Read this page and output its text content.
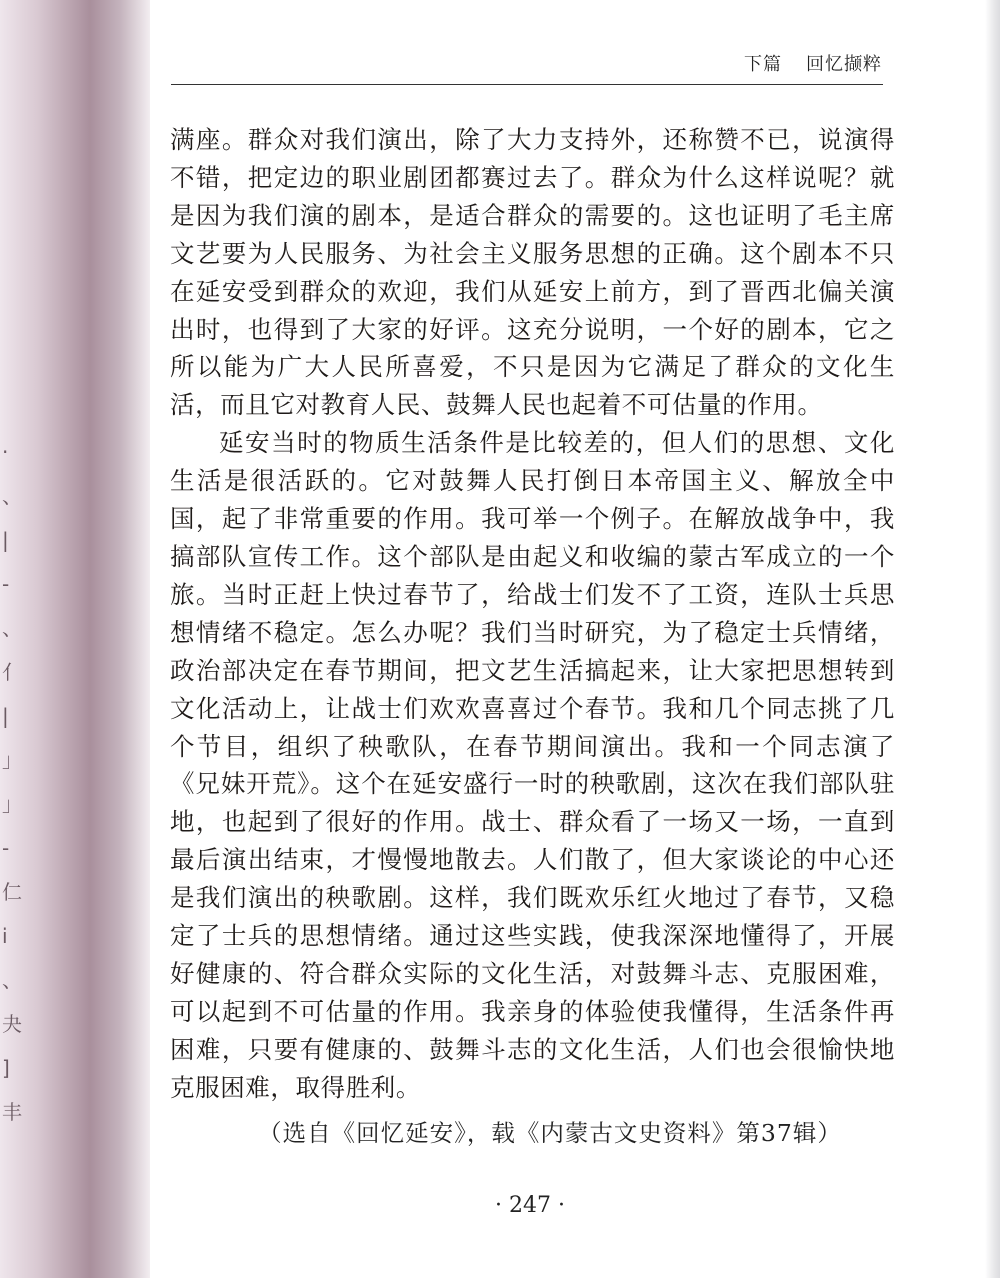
·
、
|
-
、
亻
|
」
」
-
仁
i
、
夬
]
丰
下篇 回忆撷粹

满座。群众对我们演出，除了大力支持外，还称赞不已，说演得不错，把定边的职业剧团都赛过去了。群众为什么这样说呢？就是因为我们演的剧本，是适合群众的需要的。这也证明了毛主席文艺要为人民服务、为社会主义服务思想的正确。这个剧本不只在延安受到群众的欢迎，我们从延安上前方，到了晋西北偏关演出时，也得到了大家的好评。这充分说明，一个好的剧本，它之所以能为广大人民所喜爱，不只是因为它满足了群众的文化生活，而且它对教育人民、鼓舞人民也起着不可估量的作用。

延安当时的物质生活条件是比较差的，但人们的思想、文化生活是很活跃的。它对鼓舞人民打倒日本帝国主义、解放全中国，起了非常重要的作用。我可举一个例子。在解放战争中，我搞部队宣传工作。这个部队是由起义和收编的蒙古军成立的一个旅。当时正赶上快过春节了，给战士们发不了工资，连队士兵思想情绪不稳定。怎么办呢？我们当时研究，为了稳定士兵情绪，政治部决定在春节期间，把文艺生活搞起来，让大家把思想转到文化活动上，让战士们欢欢喜喜过个春节。我和几个同志挑了几个节目，组织了秧歌队，在春节期间演出。我和一个同志演了《兄妹开荒》。这个在延安盛行一时的秧歌剧，这次在我们部队驻地，也起到了很好的作用。战士、群众看了一场又一场，一直到最后演出结束，才慢慢地散去。人们散了，但大家谈论的中心还是我们演出的秧歌剧。这样，我们既欢乐红火地过了春节，又稳定了士兵的思想情绪。通过这些实践，使我深深地懂得了，开展好健康的、符合群众实际的文化生活，对鼓舞斗志、克服困难，可以起到不可估量的作用。我亲身的体验使我懂得，生活条件再困难，只要有健康的、鼓舞斗志的文化生活，人们也会很愉快地克服困难，取得胜利。

（选自《回忆延安》，载《内蒙古文史资料》第37辑）
· 247 ·
